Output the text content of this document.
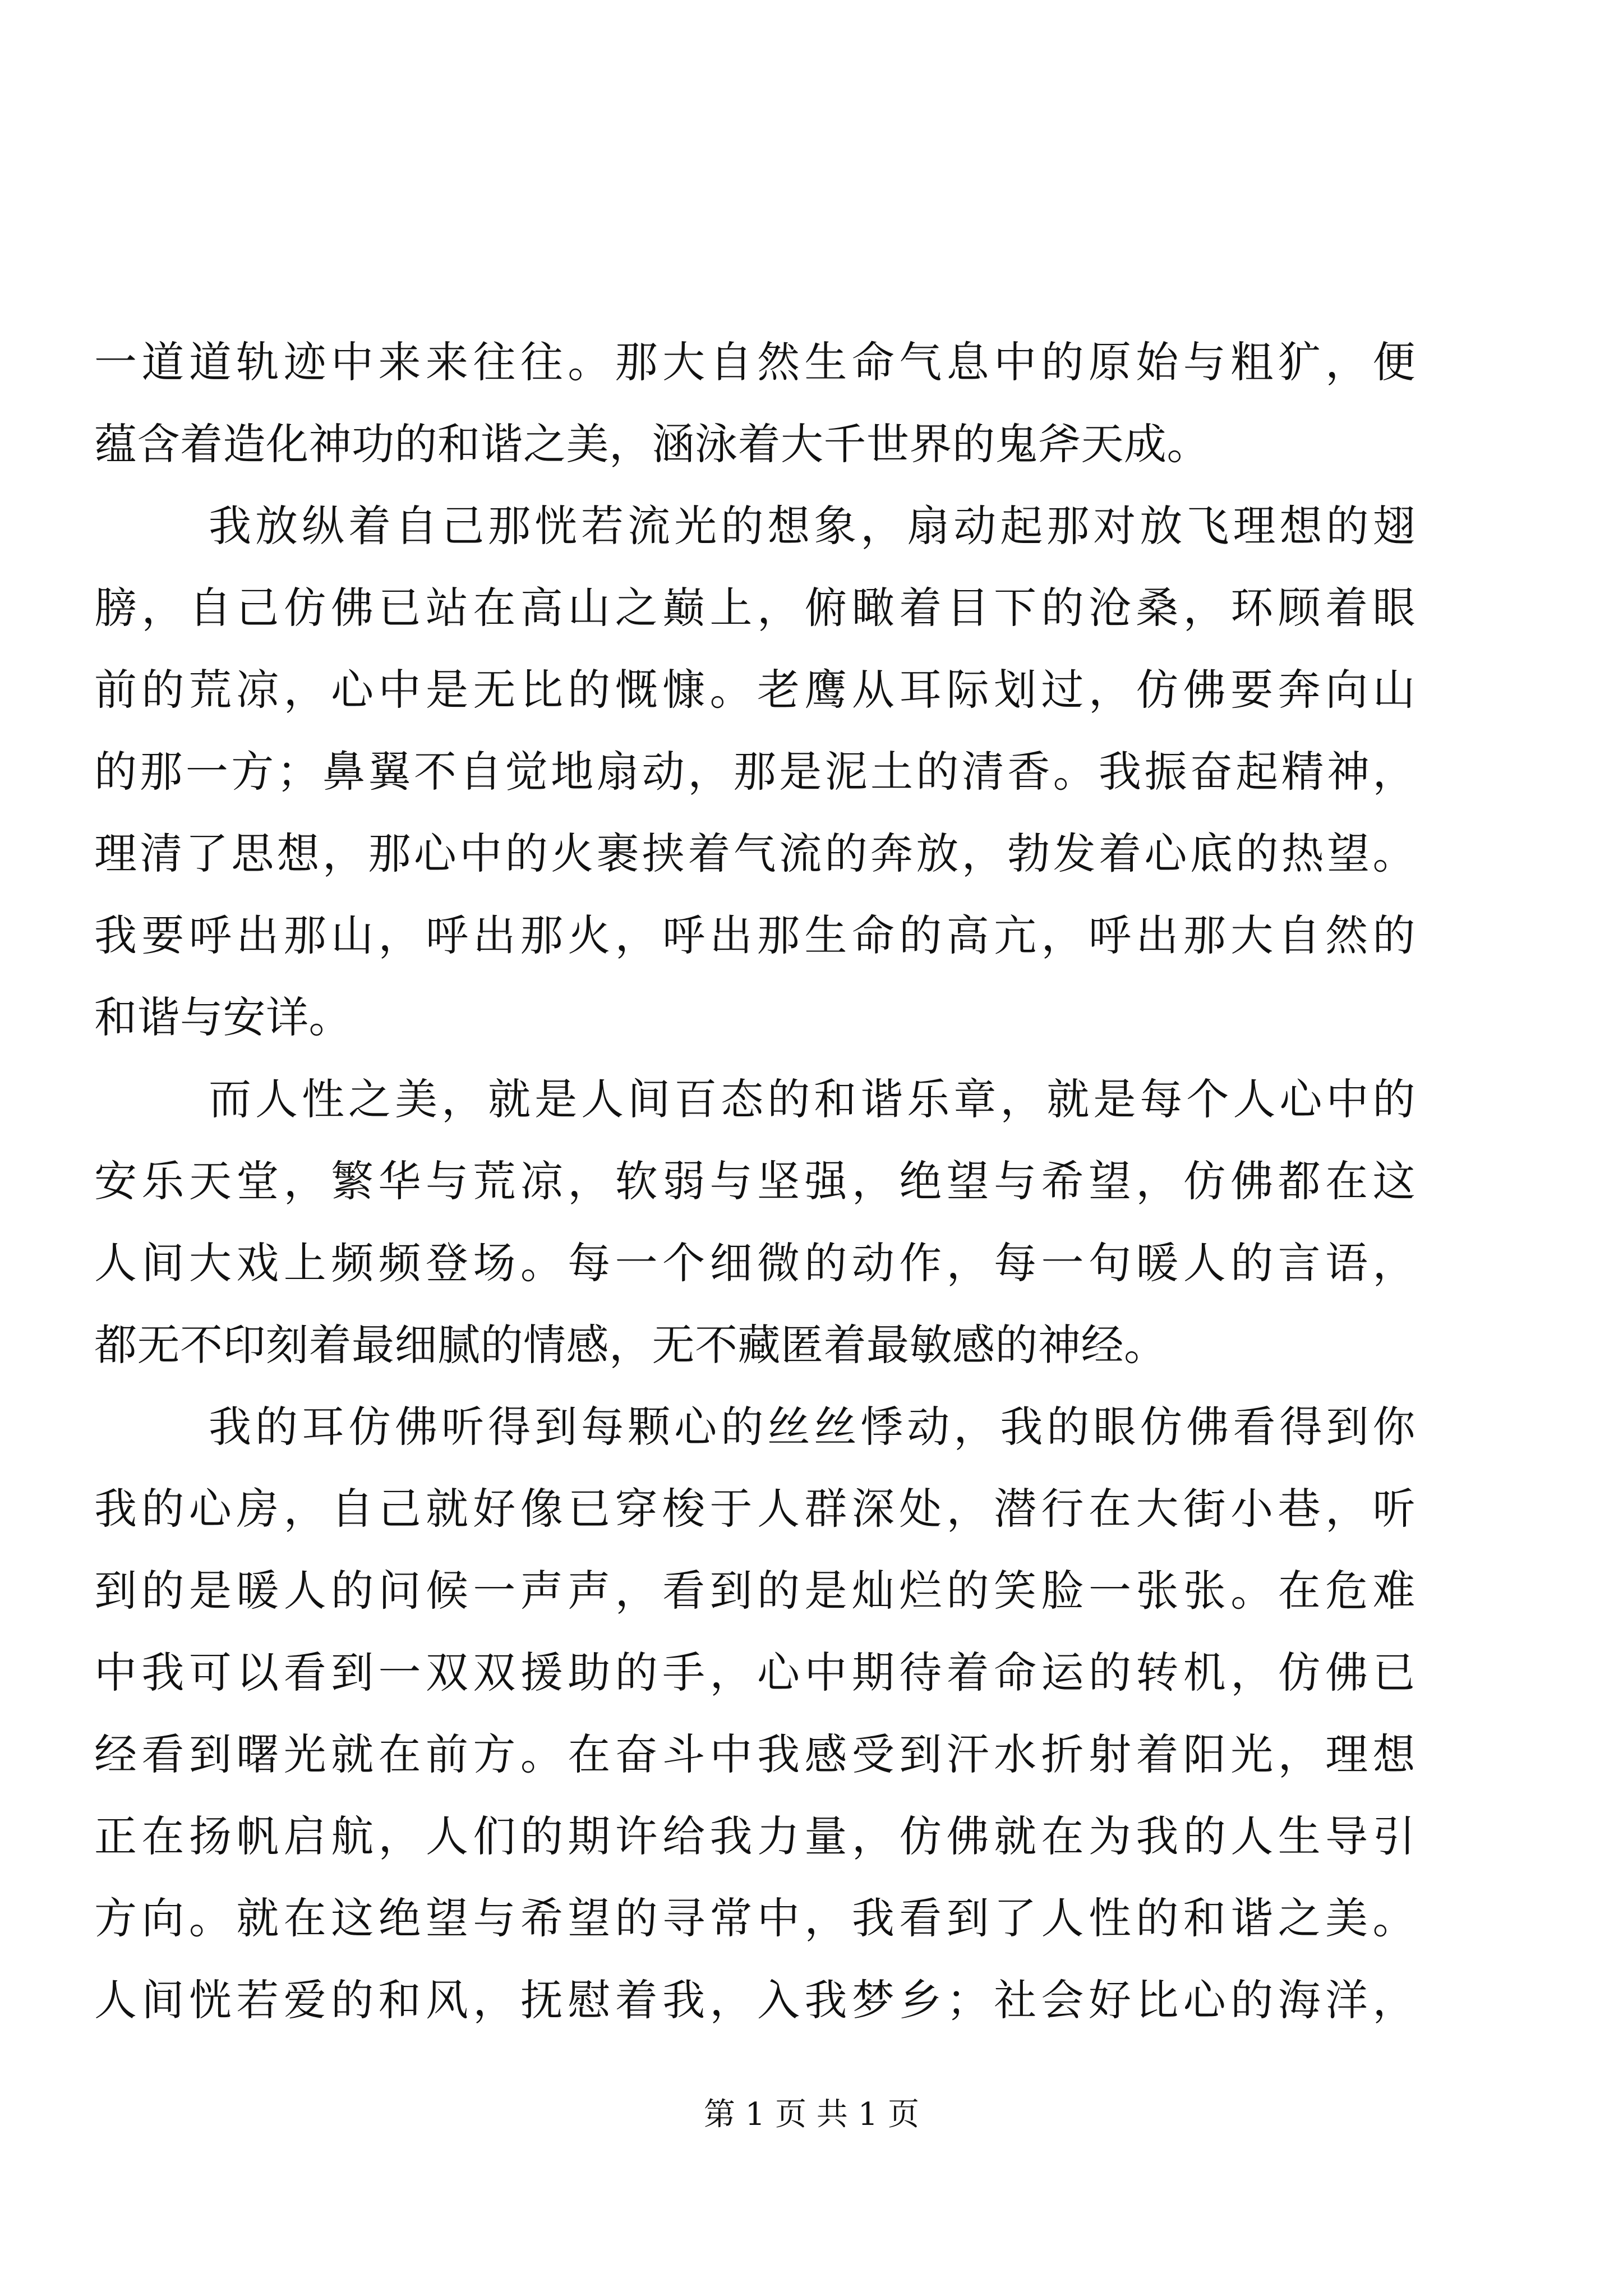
一道道轨迹中来来往往。那大自然生命气息中的原始与粗犷，便
蕴含着造化神功的和谐之美，涵泳着大千世界的鬼斧天成。
我放纵着自己那恍若流光的想象，扇动起那对放飞理想的翅
膀，自己仿佛已站在高山之巅上，俯瞰着目下的沧桑，环顾着眼
前的荒凉，心中是无比的慨慷。老鹰从耳际划过，仿佛要奔向山
的那一方；鼻翼不自觉地扇动，那是泥土的清香。我振奋起精神，
理清了思想，那心中的火裹挟着气流的奔放，勃发着心底的热望。
我要呼出那山，呼出那火，呼出那生命的高亢，呼出那大自然的
和谐与安详。
而人性之美，就是人间百态的和谐乐章，就是每个人心中的
安乐天堂，繁华与荒凉，软弱与坚强，绝望与希望，仿佛都在这
人间大戏上频频登场。每一个细微的动作，每一句暖人的言语，
都无不印刻着最细腻的情感，无不藏匿着最敏感的神经。
我的耳仿佛听得到每颗心的丝丝悸动，我的眼仿佛看得到你
我的心房，自己就好像已穿梭于人群深处，潜行在大街小巷，听
到的是暖人的问候一声声，看到的是灿烂的笑脸一张张。在危难
中我可以看到一双双援助的手，心中期待着命运的转机，仿佛已
经看到曙光就在前方。在奋斗中我感受到汗水折射着阳光，理想
正在扬帆启航，人们的期许给我力量，仿佛就在为我的人生导引
方向。就在这绝望与希望的寻常中，我看到了人性的和谐之美。
人间恍若爱的和风，抚慰着我，入我梦乡；社会好比心的海洋，
第 1 页 共 1 页
